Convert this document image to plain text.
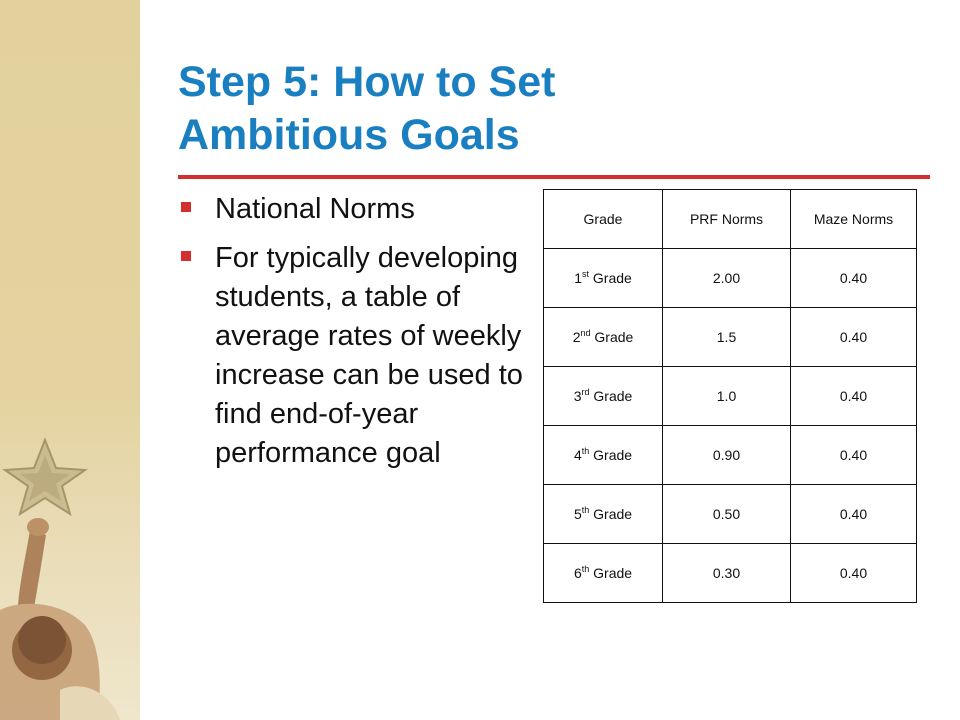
Step 5: How to Set
Ambitious Goals
National Norms
For typically developing students, a table of average rates of weekly increase can be used to find end-of-year performance goal
Grade	PRF Norms	Maze Norms
1st Grade	2.00	0.40
2nd Grade	1.5	0.40
3rd Grade	1.0	0.40
4th Grade	0.90	0.40
5th Grade	0.50	0.40
6th Grade	0.30	0.40
